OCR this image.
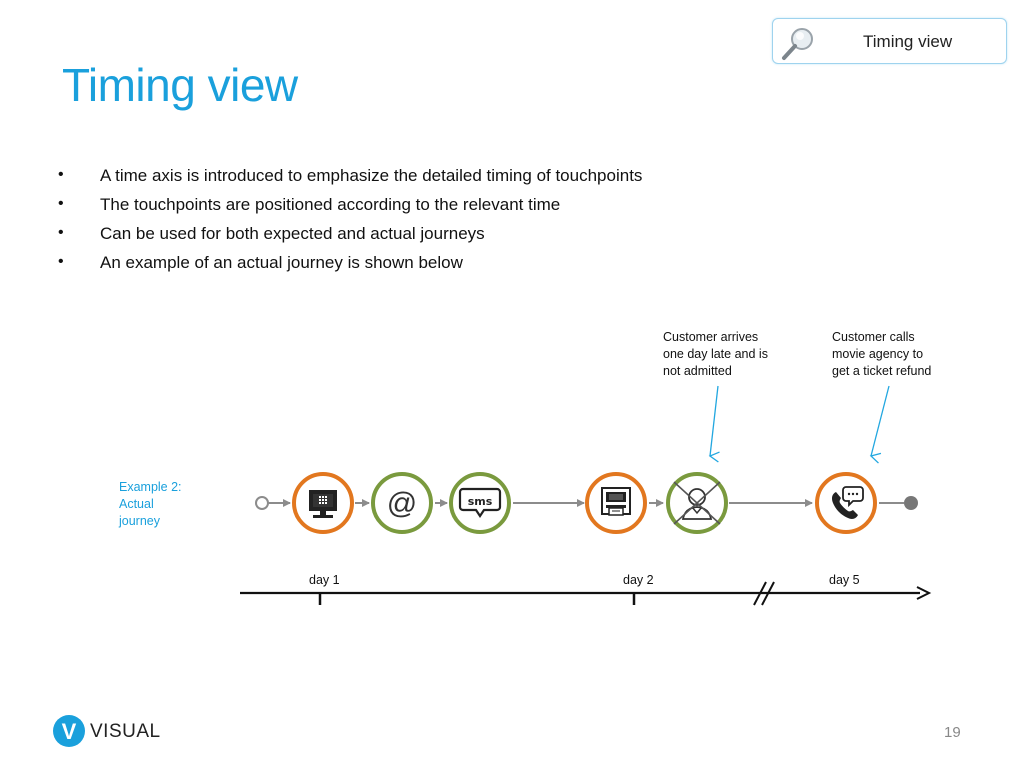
Timing view
Timing view
• A time axis is introduced to emphasize the detailed timing of touchpoints
• The touchpoints are positioned according to the relevant time
• Can be used for both expected and actual journeys
• An example of an actual journey is shown below
Customer arrives
one day late and is
not admitted
Customer calls
movie agency to
get a ticket refund
Example 2:
Actual
journey
@	sms
day 1	day 2	day 5
V VISUAL	19
